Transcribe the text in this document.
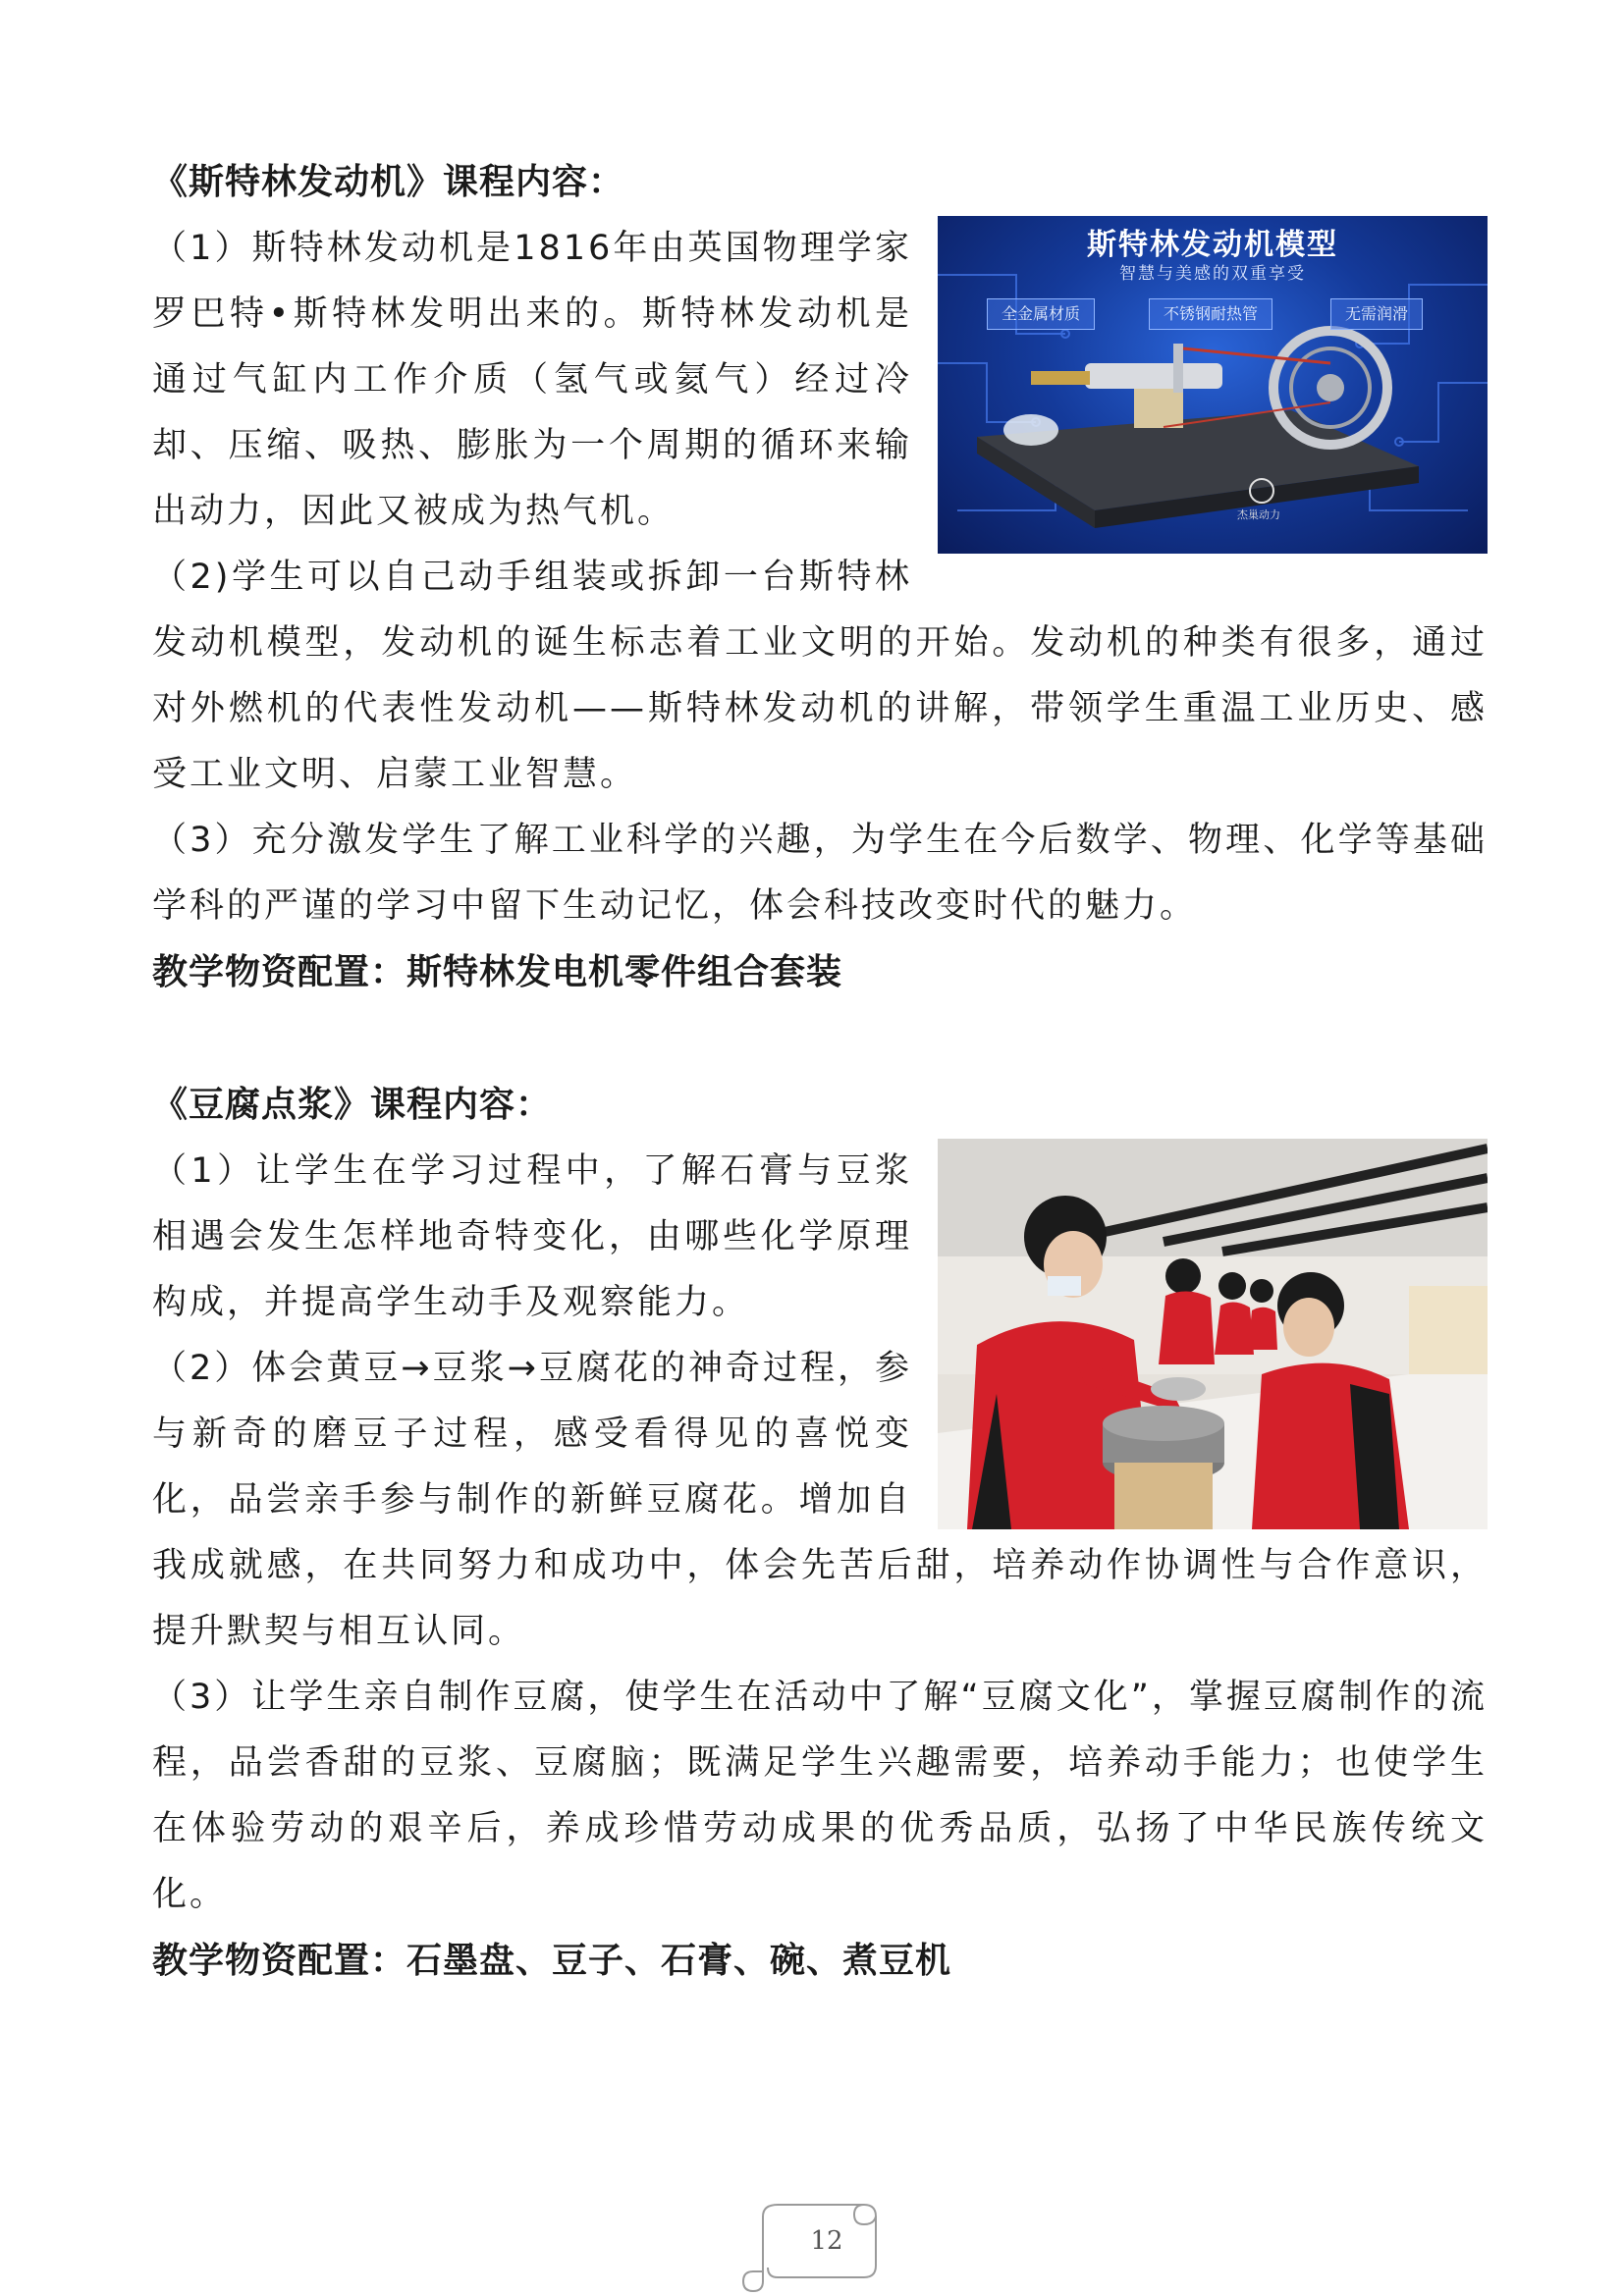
《斯特林发动机》课程内容：
斯特林发动机模型
智慧与美感的双重享受
全金属材质	不锈钢耐热管	无需润滑
杰巢动力

（1）斯特林发动机是1816年由英国物理学家罗巴特•斯特林发明出来的。斯特林发动机是通过气缸内工作介质（氢气或氦气）经过冷却、压缩、吸热、膨胀为一个周期的循环来输出动力，因此又被成为热气机。

（2)学生可以自己动手组装或拆卸一台斯特林发动机模型，发动机的诞生标志着工业文明的开始。发动机的种类有很多，通过对外燃机的代表性发动机——斯特林发动机的讲解，带领学生重温工业历史、感受工业文明、启蒙工业智慧。

（3）充分激发学生了解工业科学的兴趣，为学生在今后数学、物理、化学等基础学科的严谨的学习中留下生动记忆，体会科技改变时代的魅力。

教学物资配置：斯特林发电机零件组合套装

《豆腐点浆》课程内容：

（1）让学生在学习过程中，了解石膏与豆浆相遇会发生怎样地奇特变化，由哪些化学原理构成，并提高学生动手及观察能力。

（2）体会黄豆→豆浆→豆腐花的神奇过程，参与新奇的磨豆子过程，感受看得见的喜悦变化，品尝亲手参与制作的新鲜豆腐花。增加自我成就感，在共同努力和成功中，体会先苦后甜，培养动作协调性与合作意识，提升默契与相互认同。

（3）让学生亲自制作豆腐，使学生在活动中了解“豆腐文化”，掌握豆腐制作的流程，品尝香甜的豆浆、豆腐脑；既满足学生兴趣需要，培养动手能力；也使学生在体验劳动的艰辛后，养成珍惜劳动成果的优秀品质，弘扬了中华民族传统文化。

教学物资配置：石墨盘、豆子、石膏、碗、煮豆机

12
